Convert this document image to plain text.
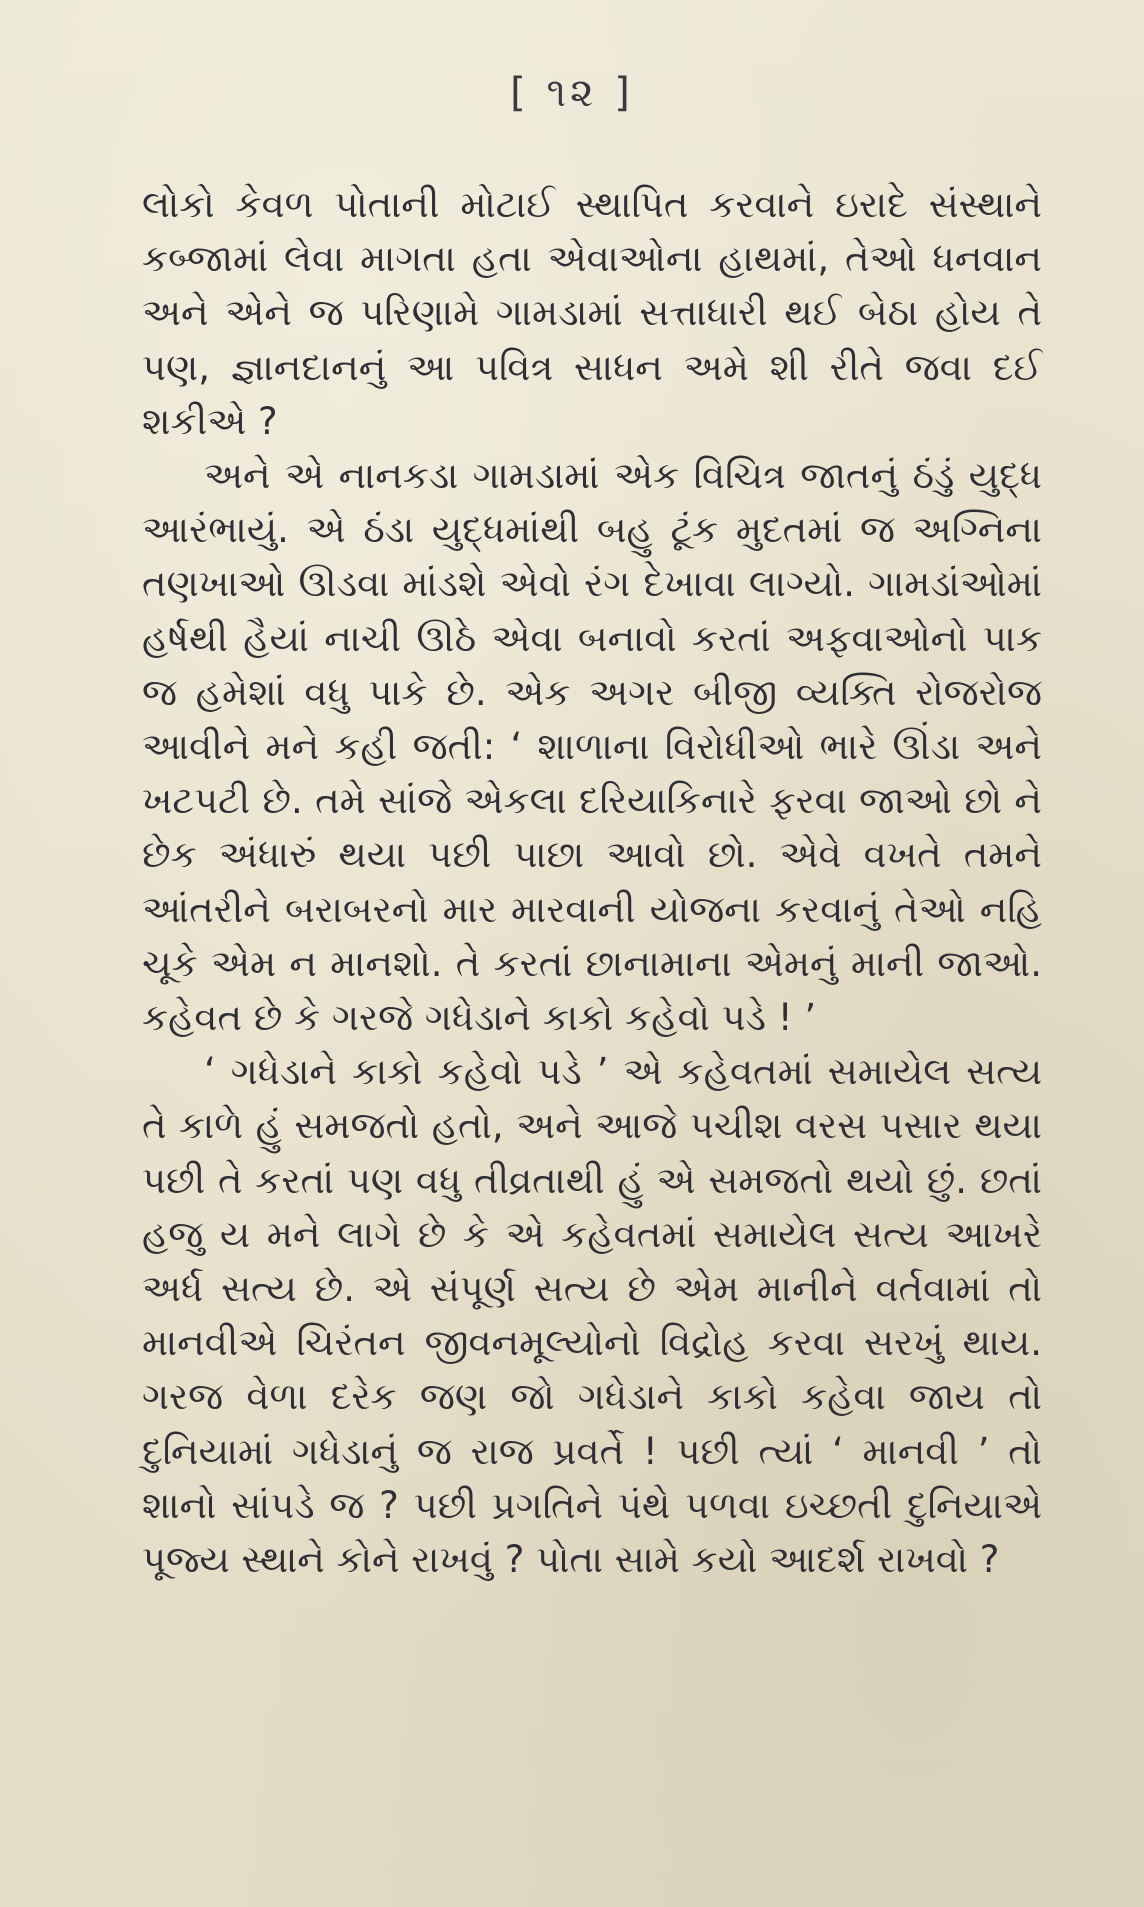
[ ૧૨ ]

લોકો કેવળ પોતાની મોટાઈ સ્થાપિત કરવાને ઇરાદે સંસ્થાને કબ્જામાં લેવા માગતા હતા એવાઓના હાથમાં, તેઓ ધનવાન અને એને જ પરિણામે ગામડામાં સત્તાધારી થઈ બેઠા હોય તે પણ, જ્ઞાનદાનનું આ પવિત્ર સાધન અમે શી રીતે જવા દઈ શકીએ ?

અને એ નાનકડા ગામડામાં એક વિચિત્ર જાતનું ઠંડું યુદ્ધ આરંભાયું. એ ઠંડા યુદ્ધમાંથી બહુ ટૂંક મુદતમાં જ અગ્નિના તણખાઓ ઊડવા માંડશે એવો રંગ દેખાવા લાગ્યો. ગામડાંઓમાં હર્ષથી હૈયાં નાચી ઊઠે એવા બનાવો કરતાં અફવાઓનો પાક જ હમેશાં વધુ પાકે છે. એક અગર બીજી વ્યક્તિ રોજરોજ આવીને મને કહી જતી: ‘ શાળાના વિરોધીઓ ભારે ઊંડા અને ખટપટી છે. તમે સાંજે એકલા દરિયાકિનારે ફરવા જાઓ છો ને છેક અંધારું થયા પછી પાછા આવો છો. એવે વખતે તમને આંતરીને બરાબરનો માર મારવાની યોજના કરવાનું તેઓ નહિ ચૂકે એમ ન માનશો. તે કરતાં છાનામાના એમનું માની જાઓ. કહેવત છે કે ગરજે ગધેડાને કાકો કહેવો પડે ! ’

‘ ગધેડાને કાકો કહેવો પડે ’ એ કહેવતમાં સમાયેલ સત્ય તે કાળે હું સમજતો હતો, અને આજે પચીશ વરસ પસાર થયા પછી તે કરતાં પણ વધુ તીવ્રતાથી હું એ સમજતો થયો છું. છતાં હજુ ય મને લાગે છે કે એ કહેવતમાં સમાયેલ સત્ય આખરે અર્ધ સત્ય છે. એ સંપૂર્ણ સત્ય છે એમ માનીને વર્તવામાં તો માનવીએ ચિરંતન જીવનમૂલ્યોનો વિદ્રોહ કરવા સરખું થાય. ગરજ વેળા દરેક જણ જો ગધેડાને કાકો કહેવા જાય તો દુનિયામાં ગધેડાનું જ રાજ પ્રવર્તે ! પછી ત્યાં ‘ માનવી ’ તો શાનો સાંપડે જ ? પછી પ્રગતિને પંથે પળવા ઇચ્છતી દુનિયાએ પૂજ્ય સ્થાને કોને રાખવું ? પોતા સામે કયો આદર્શ રાખવો ?
